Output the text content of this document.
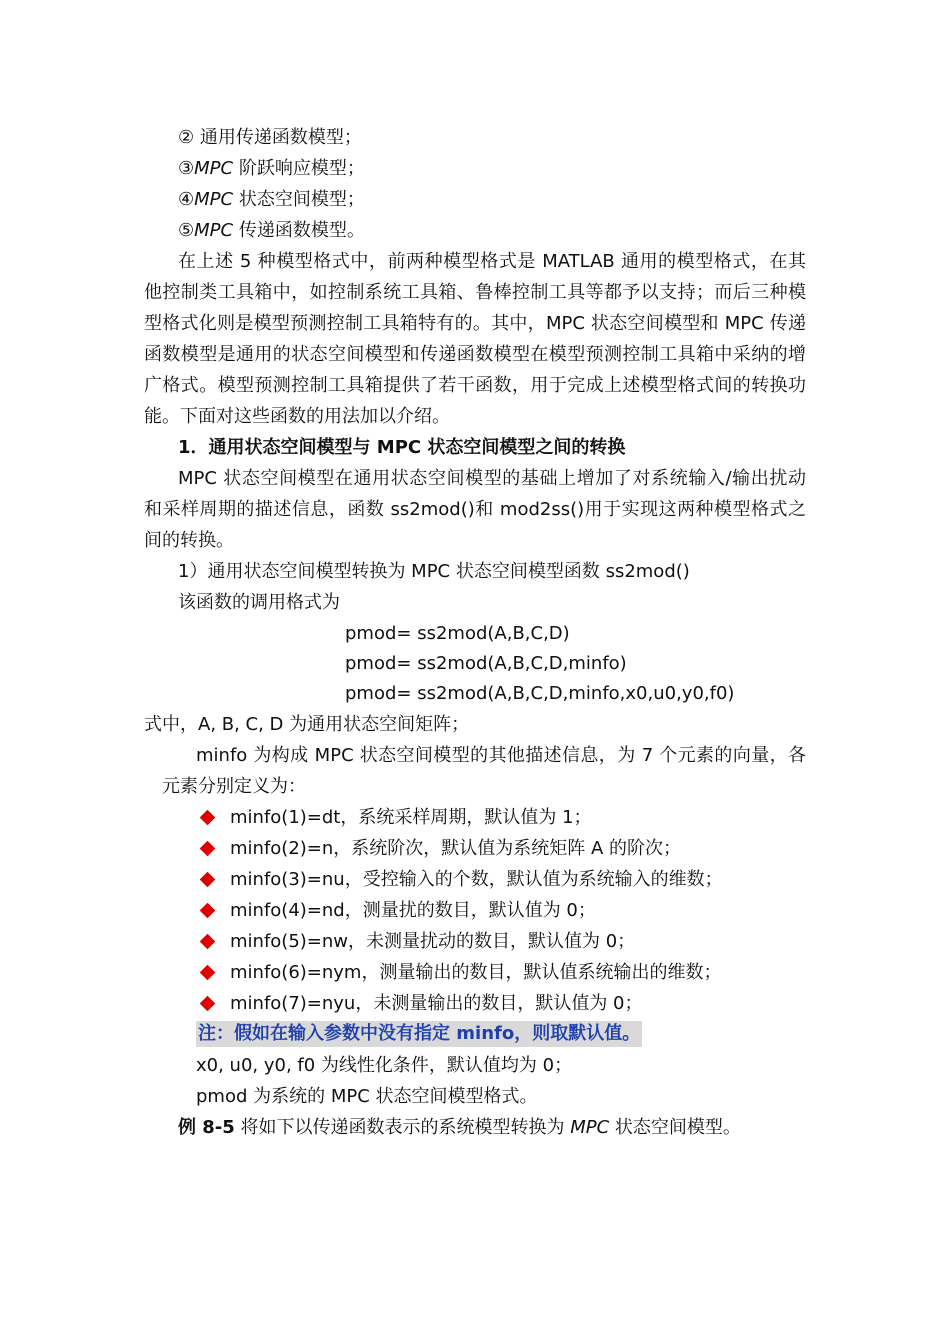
② 通用传递函数模型；
③MPC 阶跃响应模型；
④MPC 状态空间模型；
⑤MPC 传递函数模型。
在上述 5 种模型格式中，前两种模型格式是 MATLAB 通用的模型格式，在其
他控制类工具箱中，如控制系统工具箱、鲁棒控制工具等都予以支持；而后三种模
型格式化则是模型预测控制工具箱特有的。其中，MPC 状态空间模型和 MPC 传递
函数模型是通用的状态空间模型和传递函数模型在模型预测控制工具箱中采纳的增
广格式。模型预测控制工具箱提供了若干函数，用于完成上述模型格式间的转换功
能。下面对这些函数的用法加以介绍。
1．通用状态空间模型与 MPC 状态空间模型之间的转换
MPC 状态空间模型在通用状态空间模型的基础上增加了对系统输入/输出扰动
和采样周期的描述信息，函数 ss2mod()和 mod2ss()用于实现这两种模型格式之
间的转换。
1）通用状态空间模型转换为 MPC 状态空间模型函数 ss2mod()
该函数的调用格式为
pmod= ss2mod(A,B,C,D)
pmod= ss2mod(A,B,C,D,minfo)
pmod= ss2mod(A,B,C,D,minfo,x0,u0,y0,f0)
式中，A, B, C, D 为通用状态空间矩阵；
minfo 为构成 MPC 状态空间模型的其他描述信息，为 7 个元素的向量，各
元素分别定义为：
minfo(1)=dt，系统采样周期，默认值为 1；
minfo(2)=n，系统阶次，默认值为系统矩阵 A 的阶次；
minfo(3)=nu，受控输入的个数，默认值为系统输入的维数；
minfo(4)=nd，测量扰的数目，默认值为 0；
minfo(5)=nw，未测量扰动的数目，默认值为 0；
minfo(6)=nym，测量输出的数目，默认值系统输出的维数；
minfo(7)=nyu，未测量输出的数目，默认值为 0；
注：假如在输入参数中没有指定 minfo，则取默认值。
x0, u0, y0, f0 为线性化条件，默认值均为 0；
pmod 为系统的 MPC 状态空间模型格式。
例 8-5 将如下以传递函数表示的系统模型转换为 MPC 状态空间模型。
